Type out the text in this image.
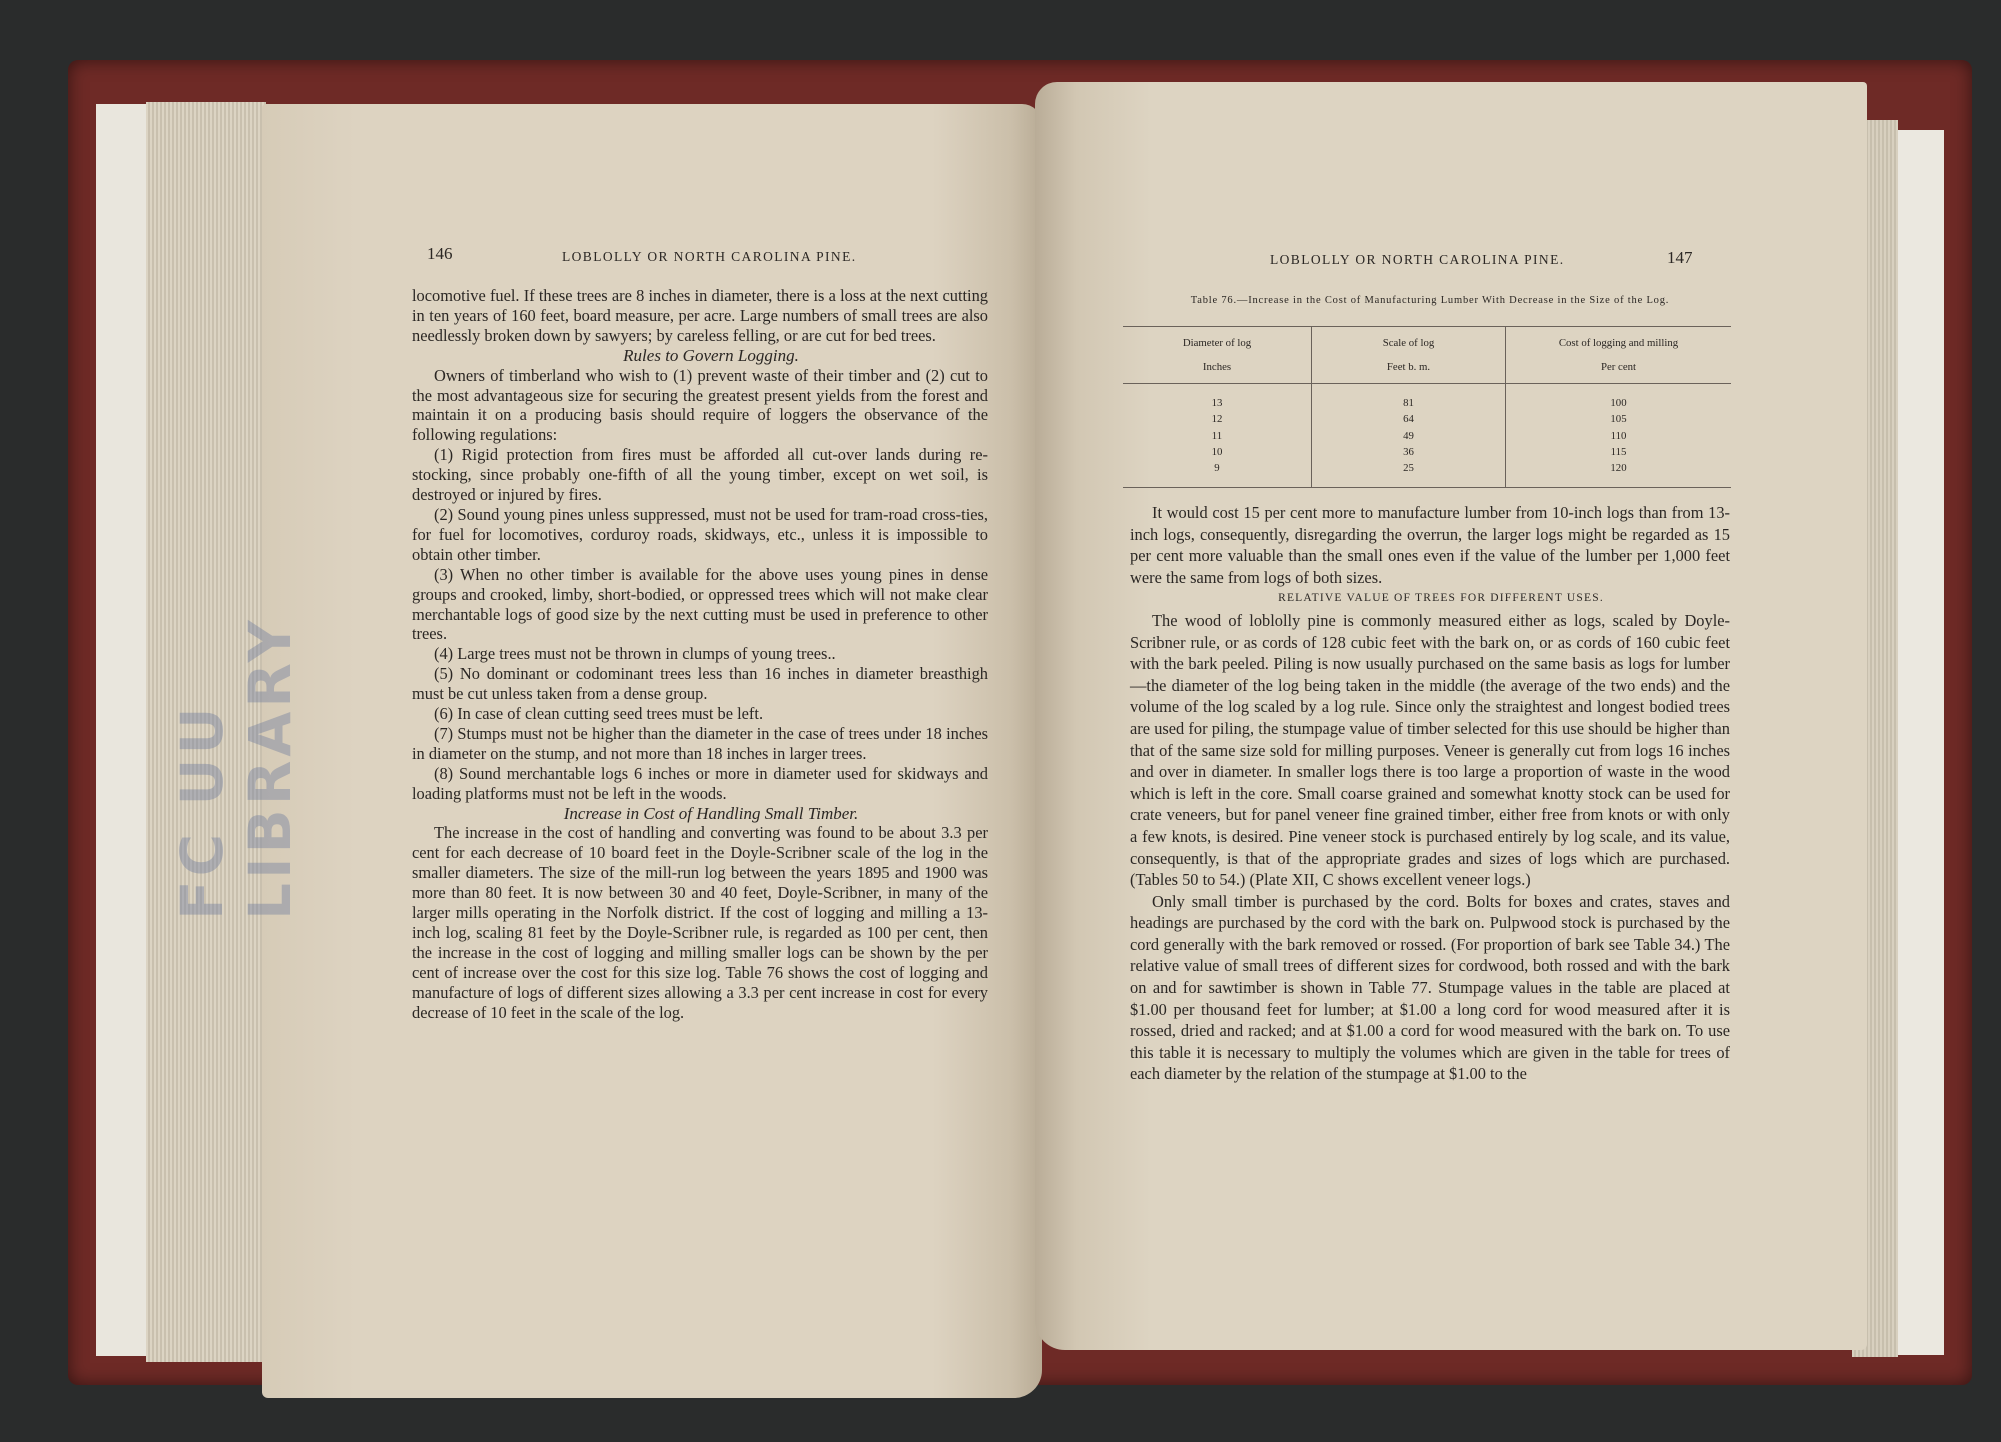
146	LOBLOLLY OR NORTH CAROLINA PINE.

locomotive fuel. If these trees are 8 inches in diameter, there is a loss at the next cutting in ten years of 160 feet, board measure, per acre. Large numbers of small trees are also needlessly broken down by sawyers; by careless felling, or are cut for bed trees.

Rules to Govern Logging.

Owners of timberland who wish to (1) prevent waste of their timber and (2) cut to the most advantageous size for securing the greatest present yields from the forest and maintain it on a producing basis should require of loggers the observance of the following regulations:

(1) Rigid protection from fires must be afforded all cut-over lands during re-stocking, since probably one-fifth of all the young timber, except on wet soil, is destroyed or injured by fires.

(2) Sound young pines unless suppressed, must not be used for tram-road cross-ties, for fuel for locomotives, corduroy roads, skidways, etc., unless it is impossible to obtain other timber.

(3) When no other timber is available for the above uses young pines in dense groups and crooked, limby, short-bodied, or oppressed trees which will not make clear merchantable logs of good size by the next cutting must be used in preference to other trees.

(4) Large trees must not be thrown in clumps of young trees..

(5) No dominant or codominant trees less than 16 inches in diameter breasthigh must be cut unless taken from a dense group.

(6) In case of clean cutting seed trees must be left.

(7) Stumps must not be higher than the diameter in the case of trees under 18 inches in diameter on the stump, and not more than 18 inches in larger trees.

(8) Sound merchantable logs 6 inches or more in diameter used for skidways and loading platforms must not be left in the woods.

Increase in Cost of Handling Small Timber.

The increase in the cost of handling and converting was found to be about 3.3 per cent for each decrease of 10 board feet in the Doyle-Scribner scale of the log in the smaller diameters. The size of the mill-run log between the years 1895 and 1900 was more than 80 feet. It is now between 30 and 40 feet, Doyle-Scribner, in many of the larger mills operating in the Norfolk district. If the cost of logging and milling a 13-inch log, scaling 81 feet by the Doyle-Scribner rule, is regarded as 100 per cent, then the increase in the cost of logging and milling smaller logs can be shown by the per cent of increase over the cost for this size log. Table 76 shows the cost of logging and manufacture of logs of different sizes allowing a 3.3 per cent increase in cost for every decrease of 10 feet in the scale of the log.

FC UU LIBRARY
LOBLOLLY OR NORTH CAROLINA PINE.	147
Table 76.—Increase in the Cost of Manufacturing Lumber With Decrease in the Size of the Log.
Diameter of log	Scale of log	Cost of logging and milling
Inches	Feet b. m.	Per cent
13	81	100
12	64	105
11	49	110
10	36	115
9	25	120

It would cost 15 per cent more to manufacture lumber from 10-inch logs than from 13-inch logs, consequently, disregarding the overrun, the larger logs might be regarded as 15 per cent more valuable than the small ones even if the value of the lumber per 1,000 feet were the same from logs of both sizes.

RELATIVE VALUE OF TREES FOR DIFFERENT USES.

The wood of loblolly pine is commonly measured either as logs, scaled by Doyle-Scribner rule, or as cords of 128 cubic feet with the bark on, or as cords of 160 cubic feet with the bark peeled. Piling is now usually purchased on the same basis as logs for lumber—the diameter of the log being taken in the middle (the average of the two ends) and the volume of the log scaled by a log rule. Since only the straightest and longest bodied trees are used for piling, the stumpage value of timber selected for this use should be higher than that of the same size sold for milling purposes. Veneer is generally cut from logs 16 inches and over in diameter. In smaller logs there is too large a proportion of waste in the wood which is left in the core. Small coarse grained and somewhat knotty stock can be used for crate veneers, but for panel veneer fine grained timber, either free from knots or with only a few knots, is desired. Pine veneer stock is purchased entirely by log scale, and its value, consequently, is that of the appropriate grades and sizes of logs which are purchased. (Tables 50 to 54.) (Plate XII, C shows excellent veneer logs.)

Only small timber is purchased by the cord. Bolts for boxes and crates, staves and headings are purchased by the cord with the bark on. Pulpwood stock is purchased by the cord generally with the bark removed or rossed. (For proportion of bark see Table 34.) The relative value of small trees of different sizes for cordwood, both rossed and with the bark on and for sawtimber is shown in Table 77. Stumpage values in the table are placed at $1.00 per thousand feet for lumber; at $1.00 a long cord for wood measured after it is rossed, dried and racked; and at $1.00 a cord for wood measured with the bark on. To use this table it is necessary to multiply the volumes which are given in the table for trees of each diameter by the relation of the stumpage at $1.00 to the
